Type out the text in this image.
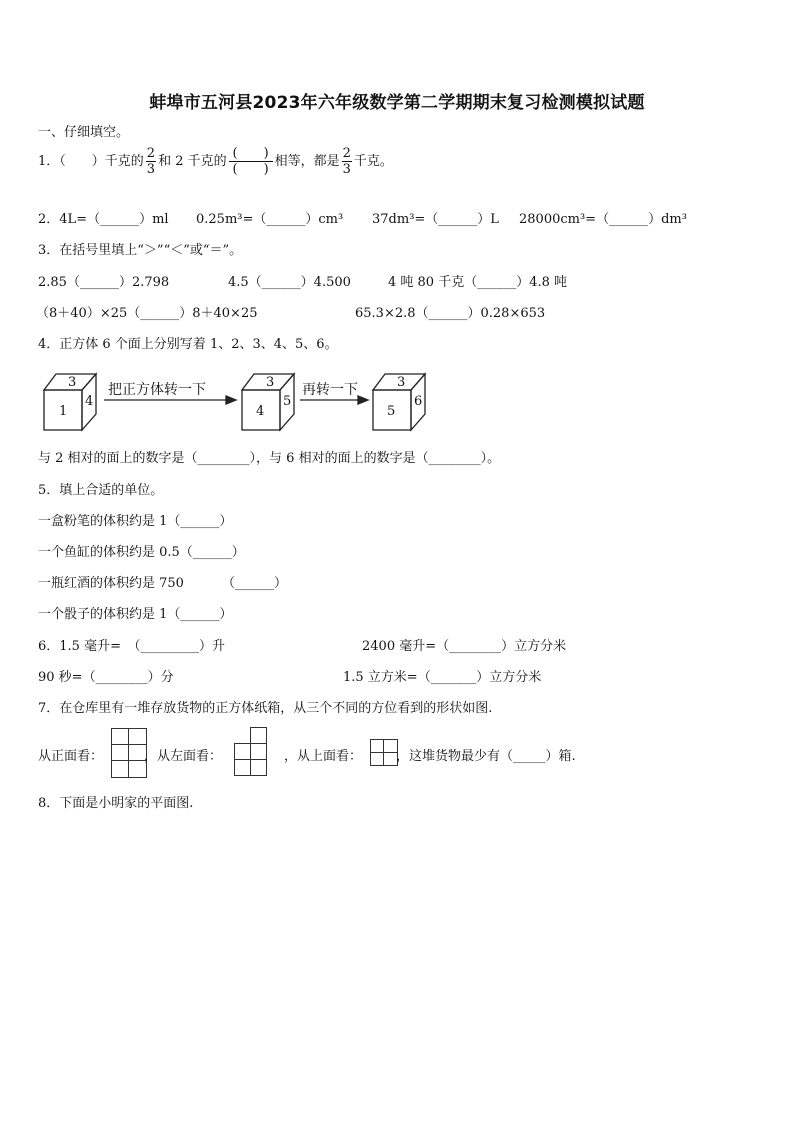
蚌埠市五河县2023年六年级数学第二学期期末复习检测模拟试题
一、仔细填空。
1．（　　）千克的 $\frac{2}{3}$ 和 2 千克的 $\frac{( )}{( )}$ 相等，都是 $\frac{2}{3}$ 千克。
2．4L=（______）ml 0.25m³=（______）cm³ 37dm³=（______）L 28000cm³=（______）dm³
3．在括号里填上“＞”“＜”或“＝”。
2.85（______）2.798	4.5（______）4.500	4 吨 80 千克（______）4.8 吨
（8＋40）×25（______）8＋40×25	65.3×2.8（______）0.28×653
4．正方体 6 个面上分别写着 1、2、3、4、5、6。
3
1
4
把正方体转一下	3
4
5
再转一下	3
5
6
与 2 相对的面上的数字是（________），与 6 相对的面上的数字是（________）。
5．填上合适的单位。
一盒粉笔的体积约是 1（______）
一个鱼缸的体积约是 0.5（______）
一瓶红酒的体积约是 750	（______）
一个骰子的体积约是 1（______）
6．1.5 毫升=　（_________）升	2400 毫升=（________）立方分米
90 秒=（________）分	1.5 立方米=（_______）立方分米
7．在仓库里有一堆存放货物的正方体纸箱，从三个不同的方位看到的形状如图.
从正面看：	，从左面看：	，从上面看：	，这堆货物最少有（_____）箱.
8．下面是小明家的平面图.
